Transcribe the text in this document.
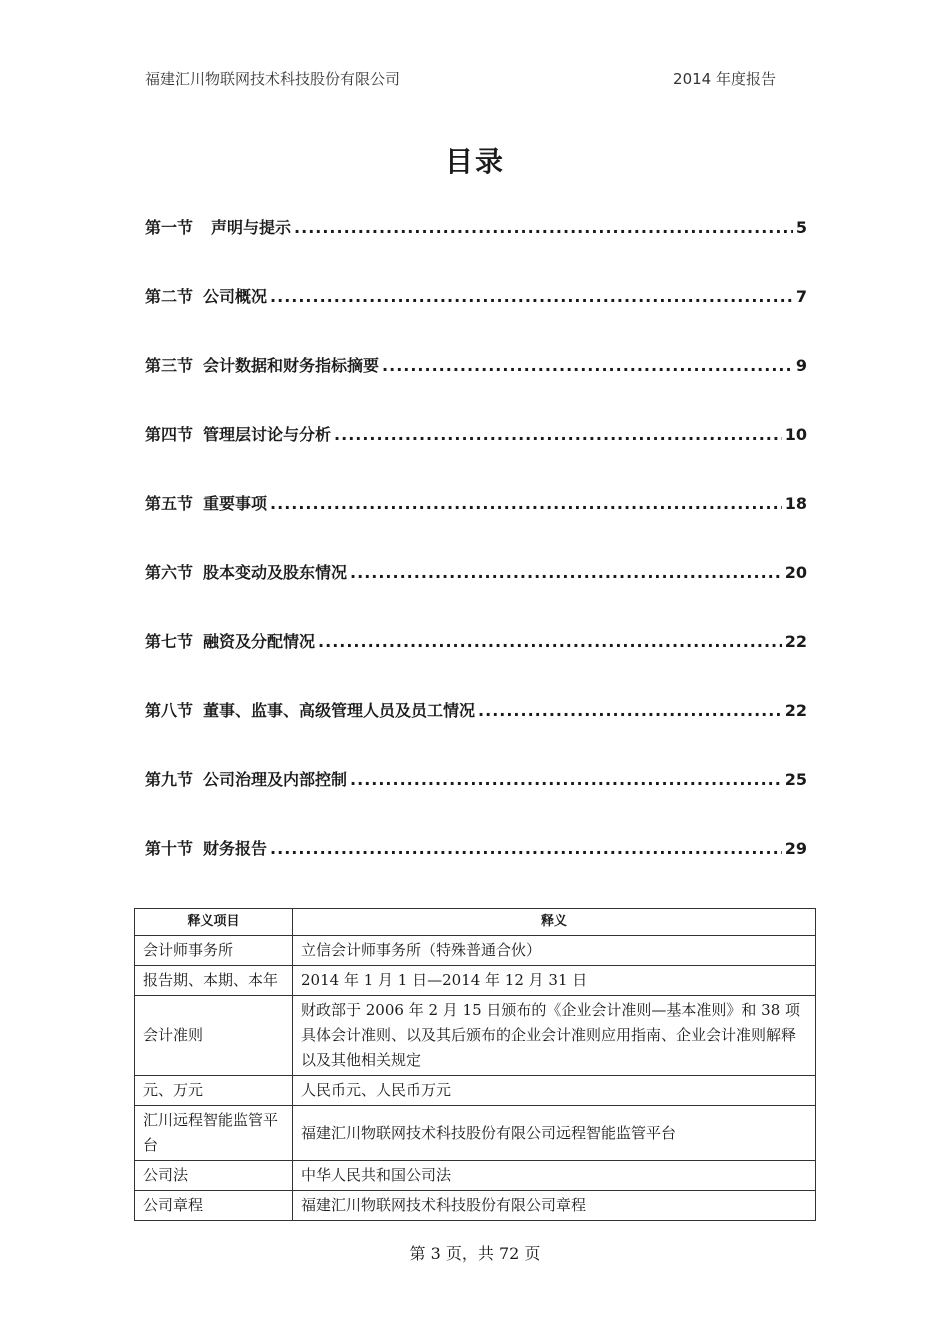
福建汇川物联网技术科技股份有限公司	2014 年度报告
目录
第一节 声明与提示 .....	5
第二节 公司概况 .....	7
第三节 会计数据和财务指标摘要 .....	9
第四节 管理层讨论与分析 .....	10
第五节 重要事项 .....	18
第六节 股本变动及股东情况 .....	20
第七节 融资及分配情况 .....	22
第八节 董事、监事、高级管理人员及员工情况 .....	22
第九节 公司治理及内部控制 .....	25
第十节 财务报告 .....	29
释义项目	释义
会计师事务所	立信会计师事务所（特殊普通合伙）
报告期、本期、本年	2014 年 1 月 1 日—2014 年 12 月 31 日
会计准则	财政部于 2006 年 2 月 15 日颁布的《企业会计准则—基本准则》和 38 项具体会计准则、以及其后颁布的企业会计准则应用指南、企业会计准则解释以及其他相关规定
元、万元	人民币元、人民币万元
汇川远程智能监管平台	福建汇川物联网技术科技股份有限公司远程智能监管平台
公司法	中华人民共和国公司法
公司章程	福建汇川物联网技术科技股份有限公司章程
第 3 页，共 72 页
